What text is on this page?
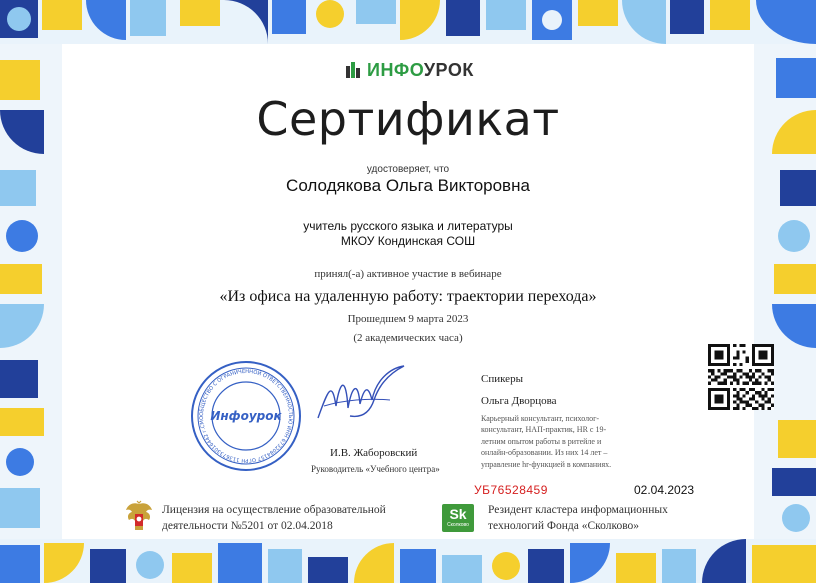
ИНФОУРОК
Сертификат
удостоверяет, что
Солодякова Ольга Викторовна
учитель русского языка и литературы
МКОУ Кондинская СОШ
принял(-а) активное участие в вебинаре
«Из офиса на удаленную работу: траектории перехода»
Прошедшем 9 марта 2023
(2 академических часа)
ОБЩЕСТВО С ОГРАНИЧЕННОЙ ОТВЕТСТВЕННОСТЬЮ ИНН 6732084157 ОГРН 1136733016442 г.СМО Инфоурок
И.В. Жаборовский
Руководитель «Учебного центра»
Спикеры
Ольга Дворцова
Карьерный консультант, психолог-
консультант, НАП-практик, HR с 19-
летним опытом работы в ритейле и
онлайн-образовании. Из них 14 лет –
управление hr-функцией в компаниях.
УБ76528459	02.04.2023
Лицензия на осуществление образовательной
деятельности №5201 от 02.04.2018
Sk
Сколково
Резидент кластера информационных
технологий Фонда «Сколково»
